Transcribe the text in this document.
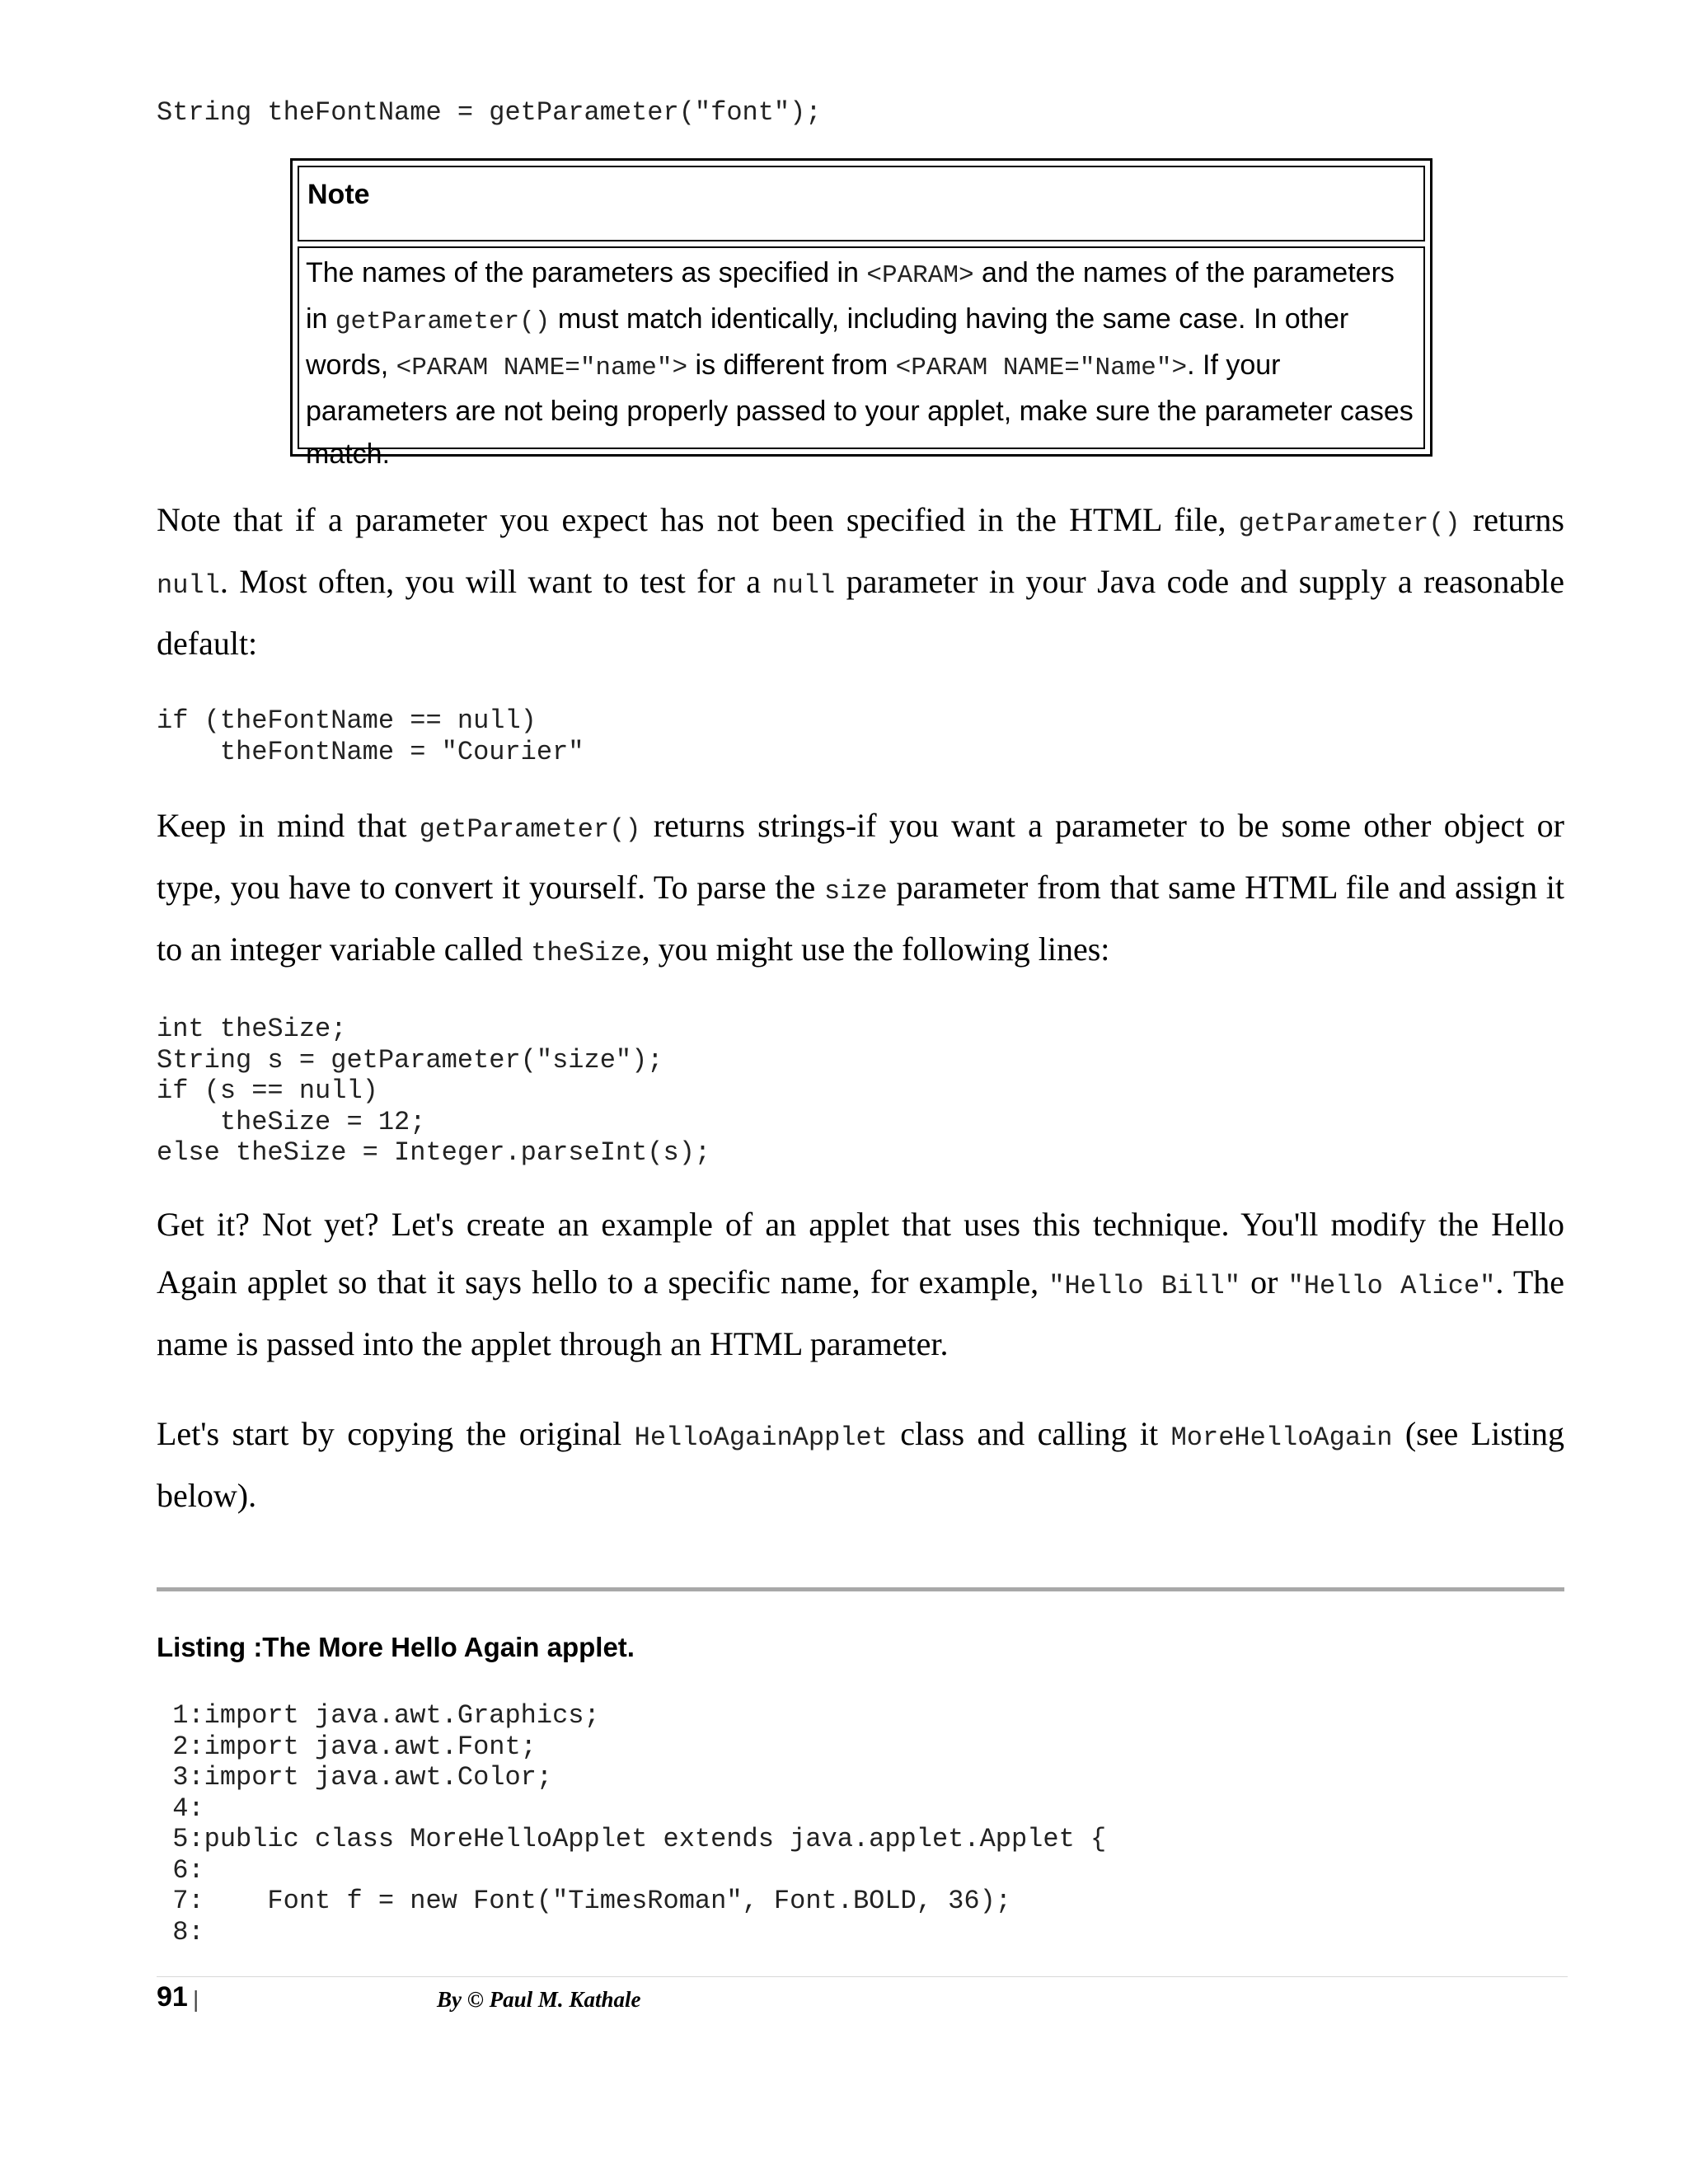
String theFontName = getParameter("font");
Note
The names of the parameters as specified in <PARAM> and the names of the parameters in getParameter() must match identically, including having the same case. In other words, <PARAM NAME="name"> is different from <PARAM NAME="Name">. If your parameters are not being properly passed to your applet, make sure the parameter cases match.
Note that if a parameter you expect has not been specified in the HTML file, getParameter() returns null. Most often, you will want to test for a null parameter in your Java code and supply a reasonable default:
if (theFontName == null)
theFontName = "Courier"
Keep in mind that getParameter() returns strings-if you want a parameter to be some other object or type, you have to convert it yourself. To parse the size parameter from that same HTML file and assign it to an integer variable called theSize, you might use the following lines:
int theSize;
String s = getParameter("size");
if (s == null)
theSize = 12;
else theSize = Integer.parseInt(s);
Get it? Not yet? Let's create an example of an applet that uses this technique. You'll modify the Hello Again applet so that it says hello to a specific name, for example, "Hello Bill" or "Hello Alice". The name is passed into the applet through an HTML parameter.
Let's start by copying the original HelloAgainApplet class and calling it MoreHelloAgain (see Listing below).
Listing :The More Hello Again applet.
1:import java.awt.Graphics;
2:import java.awt.Font;
3:import java.awt.Color;
4:
5:public class MoreHelloApplet extends java.applet.Applet {
6:
7:    Font f = new Font("TimesRoman", Font.BOLD, 36);
8:
91 |	By © Paul M. Kathale
